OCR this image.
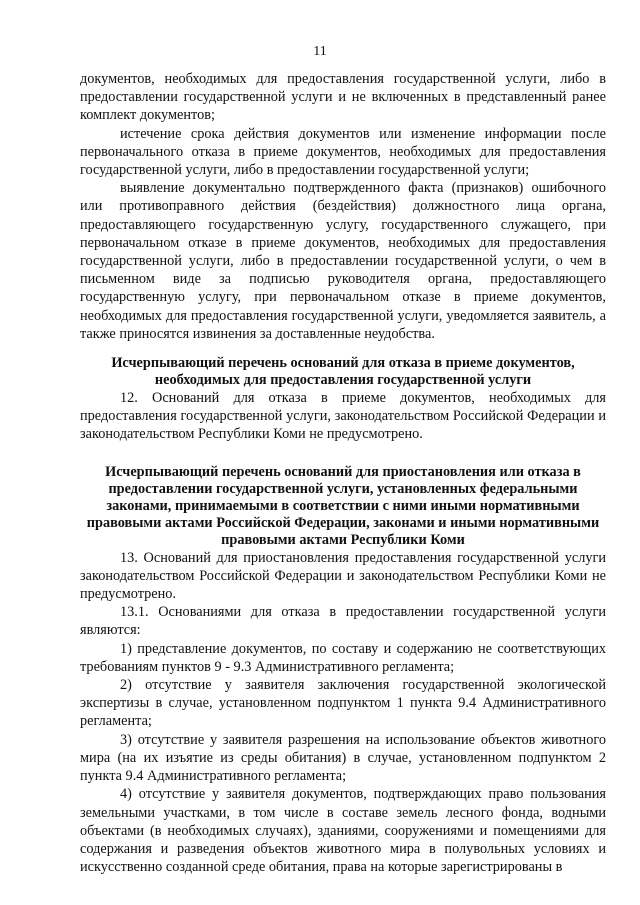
11

документов, необходимых для предоставления государственной услуги, либо в предоставлении государственной услуги и не включенных в представленный ранее комплект документов;

истечение срока действия документов или изменение информации после первоначального отказа в приеме документов, необходимых для предоставления государственной услуги, либо в предоставлении государственной услуги;

выявление документально подтвержденного факта (признаков) ошибочного или противоправного действия (бездействия) должностного лица органа, предоставляющего государственную услугу, государственного служащего, при первоначальном отказе в приеме документов, необходимых для предоставления государственной услуги, либо в предоставлении государственной услуги, о чем в письменном виде за подписью руководителя органа, предоставляющего государственную услугу, при первоначальном отказе в приеме документов, необходимых для предоставления государственной услуги, уведомляется заявитель, а также приносятся извинения за доставленные неудобства.

Исчерпывающий перечень оснований для отказа в приеме документов, необходимых для предоставления государственной услуги

12. Оснований для отказа в приеме документов, необходимых для предоставления государственной услуги, законодательством Российской Федерации и законодательством Республики Коми не предусмотрено.

Исчерпывающий перечень оснований для приостановления или отказа в предоставлении государственной услуги, установленных федеральными законами, принимаемыми в соответствии с ними иными нормативными правовыми актами Российской Федерации, законами и иными нормативными правовыми актами Республики Коми

13. Оснований для приостановления предоставления государственной услуги законодательством Российской Федерации и законодательством Республики Коми не предусмотрено.

13.1. Основаниями для отказа в предоставлении государственной услуги являются:

1) представление документов, по составу и содержанию не соответствующих требованиям пунктов 9 - 9.3 Административного регламента;

2) отсутствие у заявителя заключения государственной экологической экспертизы в случае, установленном подпунктом 1 пункта 9.4 Административного регламента;

3) отсутствие у заявителя разрешения на использование объектов животного мира (на их изъятие из среды обитания) в случае, установленном подпунктом 2 пункта 9.4 Административного регламента;

4) отсутствие у заявителя документов, подтверждающих право пользования земельными участками, в том числе в составе земель лесного фонда, водными объектами (в необходимых случаях), зданиями, сооружениями и помещениями для содержания и разведения объектов животного мира в полувольных условиях и искусственно созданной среде обитания, права на которые зарегистрированы в
